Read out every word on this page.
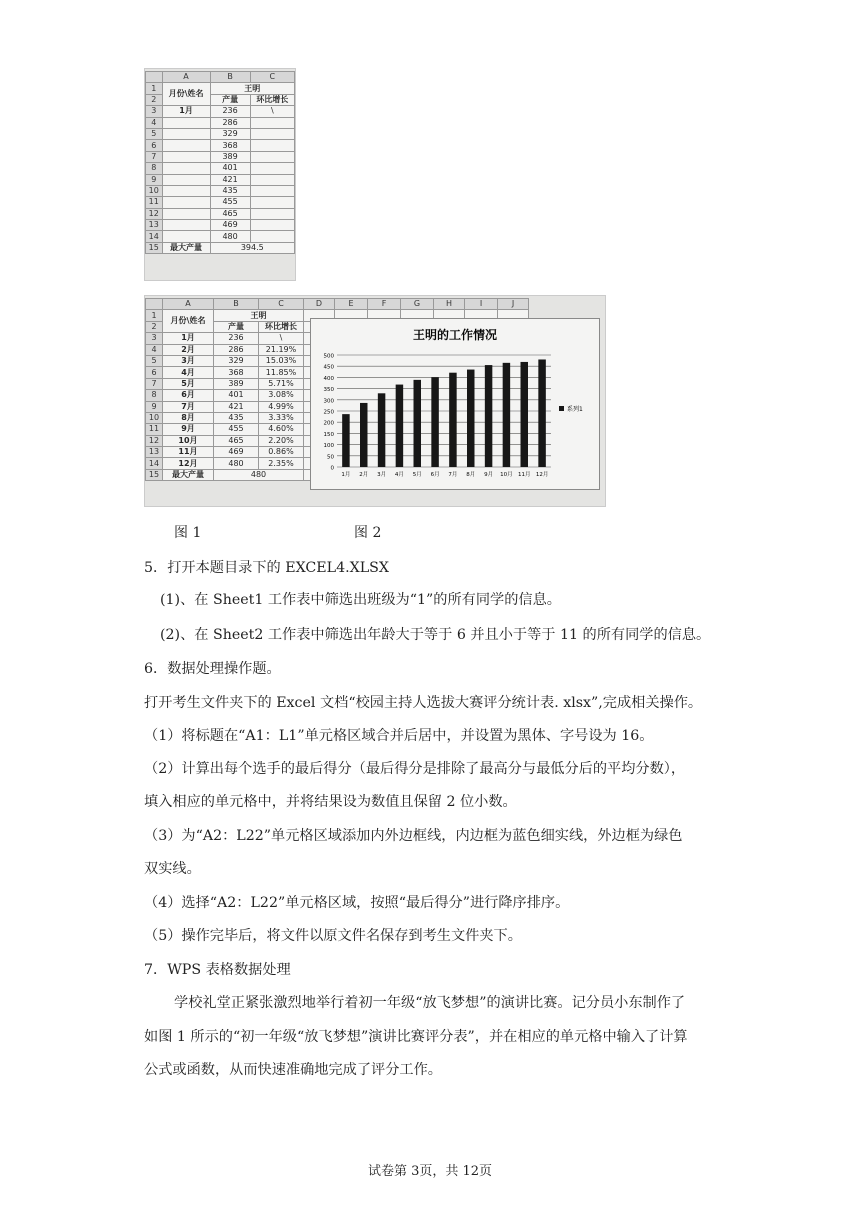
	A	B	C
1	月份\姓名	王明	
2		产量	环比增长
3	1月	236	\
4		286	
5		329	
6		368	
7		389	
8		401	
9		421	
10		435	
11		455	
12		465	
13		469	
14		480	
15	最大产量	394.5	
	A	B	C	D	E	F	G	H	I	J
1	月份\姓名	王明								
2		产量	环比增长							
3	1月	236	\							
4	2月	286	21.19%							
5	3月	329	15.03%							
6	4月	368	11.85%							
7	5月	389	5.71%							
8	6月	401	3.08%							
9	7月	421	4.99%							
10	8月	435	3.33%							
11	9月	455	4.60%							
12	10月	465	2.20%							
13	11月	469	0.86%							
14	12月	480	2.35%							
15	最大产量	480								
王明的工作情况
0
50
100
150
200
250
300
350
400
450
500
1月 2月 3月 4月 5月 6月 7月 8月 9月 10月 11月 12月
系列1
图 1	图 2
5．打开本题目录下的 EXCEL4.XLSX
(1)、在 Sheet1 工作表中筛选出班级为“1”的所有同学的信息。
(2)、在 Sheet2 工作表中筛选出年龄大于等于 6 并且小于等于 11 的所有同学的信息。
6．数据处理操作题。
打开考生文件夹下的 Excel 文档“校园主持人选拔大赛评分统计表. xlsx”,完成相关操作。
（1）将标题在“A1：L1”单元格区域合并后居中，并设置为黑体、字号设为 16。
（2）计算出每个选手的最后得分（最后得分是排除了最高分与最低分后的平均分数），
填入相应的单元格中，并将结果设为数值且保留 2 位小数。
（3）为“A2：L22”单元格区域添加内外边框线，内边框为蓝色细实线，外边框为绿色
双实线。
（4）选择“A2：L22”单元格区域，按照“最后得分”进行降序排序。
（5）操作完毕后，将文件以原文件名保存到考生文件夹下。
7．WPS 表格数据处理
学校礼堂正紧张激烈地举行着初一年级“放飞梦想”的演讲比赛。记分员小东制作了
如图 1 所示的“初一年级“放飞梦想”演讲比赛评分表”，并在相应的单元格中输入了计算
公式或函数，从而快速准确地完成了评分工作。
试卷第 3页，共 12页
